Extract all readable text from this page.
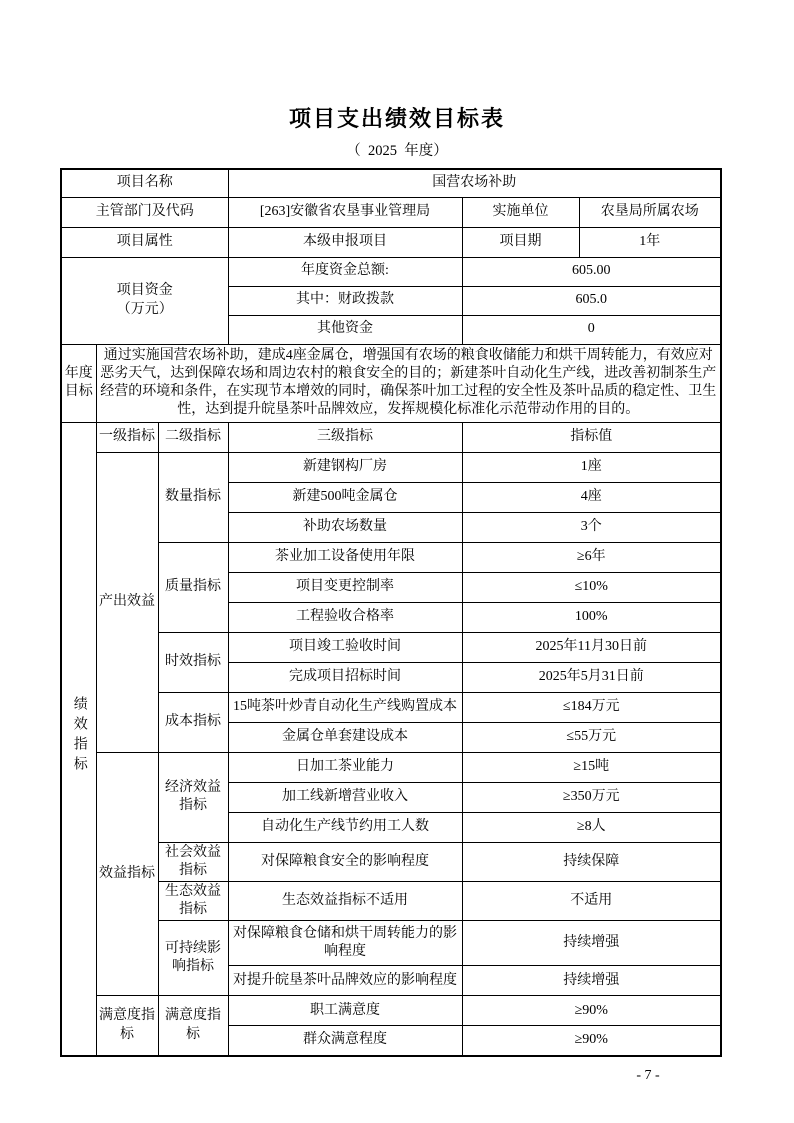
项目支出绩效目标表
（  2025  年度）
项目名称			国营农场补助		
主管部门及代码			[263]安徽省农垦事业管理局	实施单位	农垦局所属农场
项目属性			本级申报项目	项目期	1年

项目资金
（万元）			年度资金总额:	605.00	
			其中：财政拨款	605.0	
			其他资金	0	
年度目标	通过实施国营农场补助，建成4座金属仓，增强国有农场的粮食收储能力和烘干周转能力，有效应对恶劣天气，达到保障农场和周边农村的粮食安全的目的；新建茶叶自动化生产线，进改善初制茶生产经营的环境和条件，在实现节本增效的同时，确保茶叶加工过程的安全性及茶叶品质的稳定性、卫生性，达到提升皖垦茶叶品牌效应，发挥规模化标准化示范带动作用的目的。				
绩效指标	一级指标	二级指标	三级指标	指标值	
	产出效益	数量指标	新建钢构厂房	1座	
			新建500吨金属仓	4座	
			补助农场数量	3个	
		质量指标	茶业加工设备使用年限	≥6年	
			项目变更控制率	≤10%	
			工程验收合格率	100%	
		时效指标	项目竣工验收时间	2025年11月30日前	
			完成项目招标时间	2025年5月31日前	
		成本指标	15吨茶叶炒青自动化生产线购置成本	≤184万元	
			金属仓单套建设成本	≤55万元	
	效益指标	经济效益指标	日加工茶业能力	≥15吨	
			加工线新增营业收入	≥350万元	
			自动化生产线节约用工人数	≥8人	
		社会效益指标	对保障粮食安全的影响程度	持续保障	
		生态效益指标	生态效益指标不适用	不适用	
		可持续影响指标	对保障粮食仓储和烘干周转能力的影响程度	持续增强	
			对提升皖垦茶叶品牌效应的影响程度	持续增强	
	满意度指标	满意度指标	职工满意度	≥90%	
			群众满意程度	≥90%	
- 7 -
